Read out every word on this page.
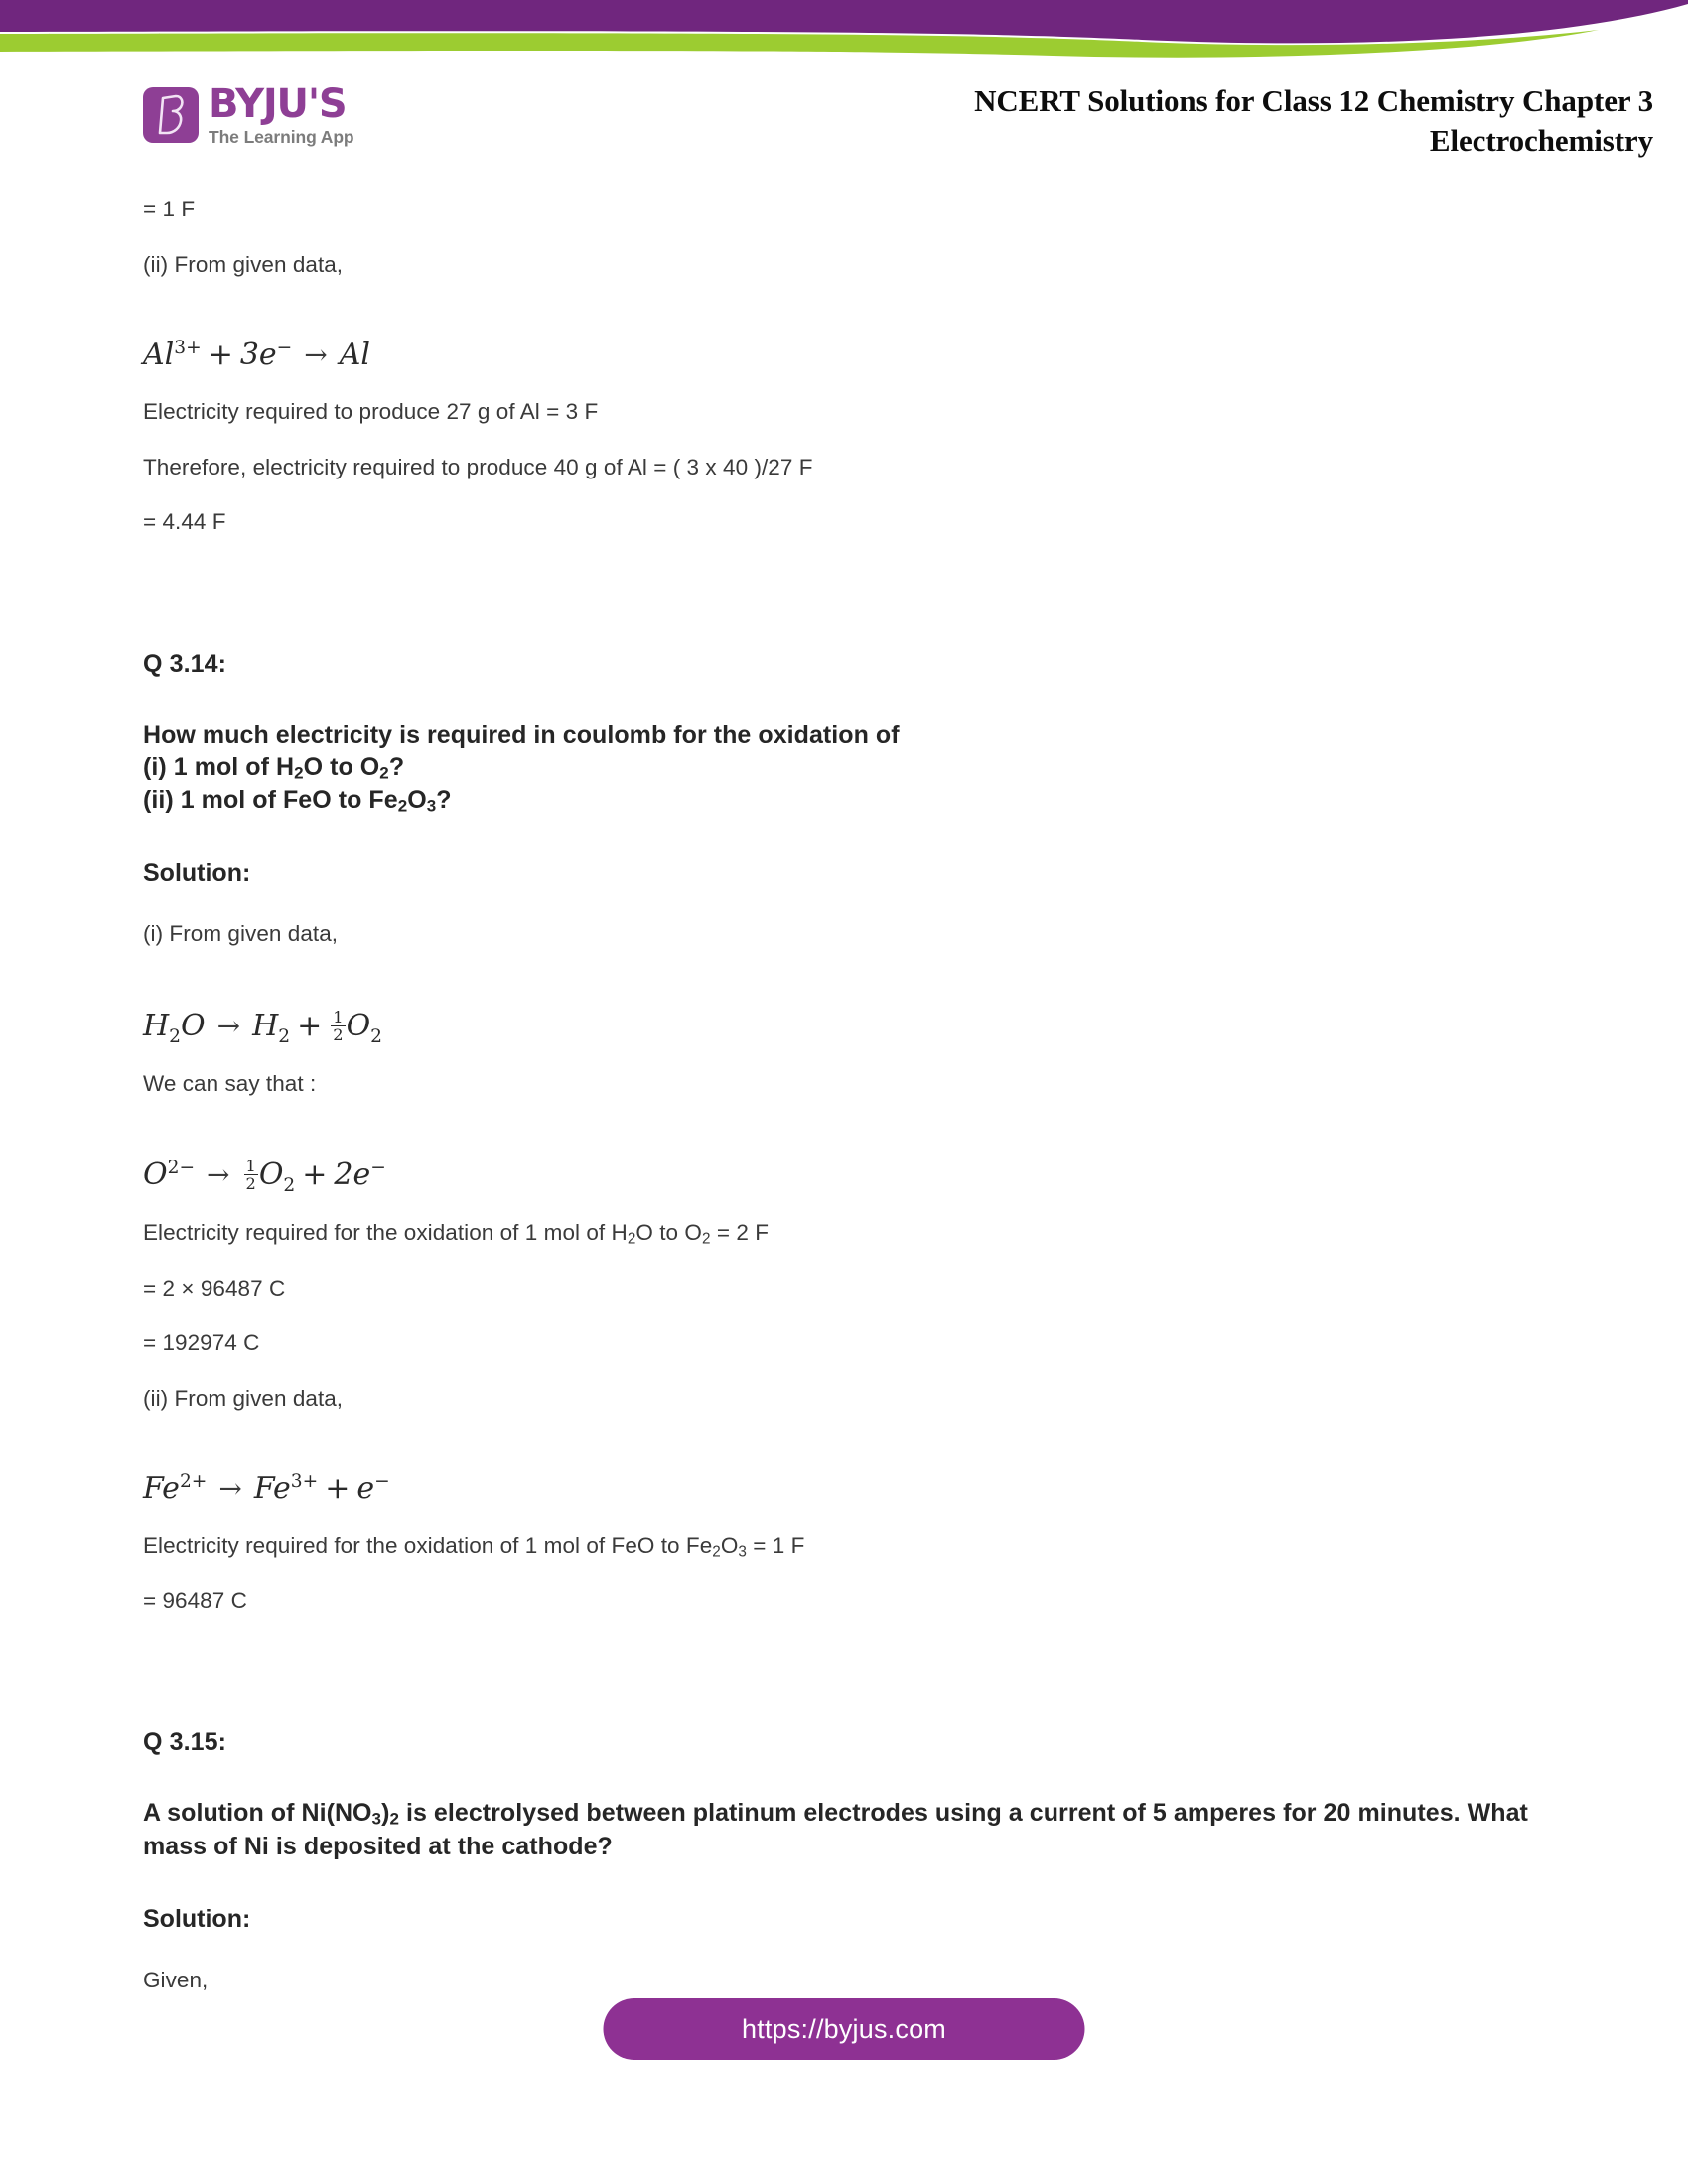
BYJU'S
The Learning App
NCERT Solutions for Class 12 Chemistry Chapter 3
Electrochemistry

= 1 F

(ii) From given data,

$Al^{3+} + 3e^- \to Al$

Electricity required to produce 27 g of Al = 3 F

Therefore, electricity required to produce 40 g of Al = ( 3 x 40 )/27 F

= 4.44 F

Q 3.14:

How much electricity is required in coulomb for the oxidation of
(i) 1 mol of $H_2O$ to $O_2$?
(ii) 1 mol of FeO to $Fe_2O_3$?

Solution:

(i) From given data,

$H_2O \to H_2 + \frac{1}{2} O_2$

We can say that :

$O^{2-} \to \frac{1}{2} O_2 + 2e^-$

Electricity required for the oxidation of 1 mol of $H_2O$ to $O_2 = 2$ F

= 2 × 96487 C

= 192974 C

(ii) From given data,

$Fe^{2+} \to Fe^{3+} + e^-$

Electricity required for the oxidation of 1 mol of FeO to $Fe_2O_3 = 1$ F

= 96487 C

Q 3.15:

A solution of $Ni(NO_3)_2$ is electrolysed between platinum electrodes using a current of 5 amperes for 20 minutes. What mass of Ni is deposited at the cathode?

Solution:

Given,

https://byjus.com
